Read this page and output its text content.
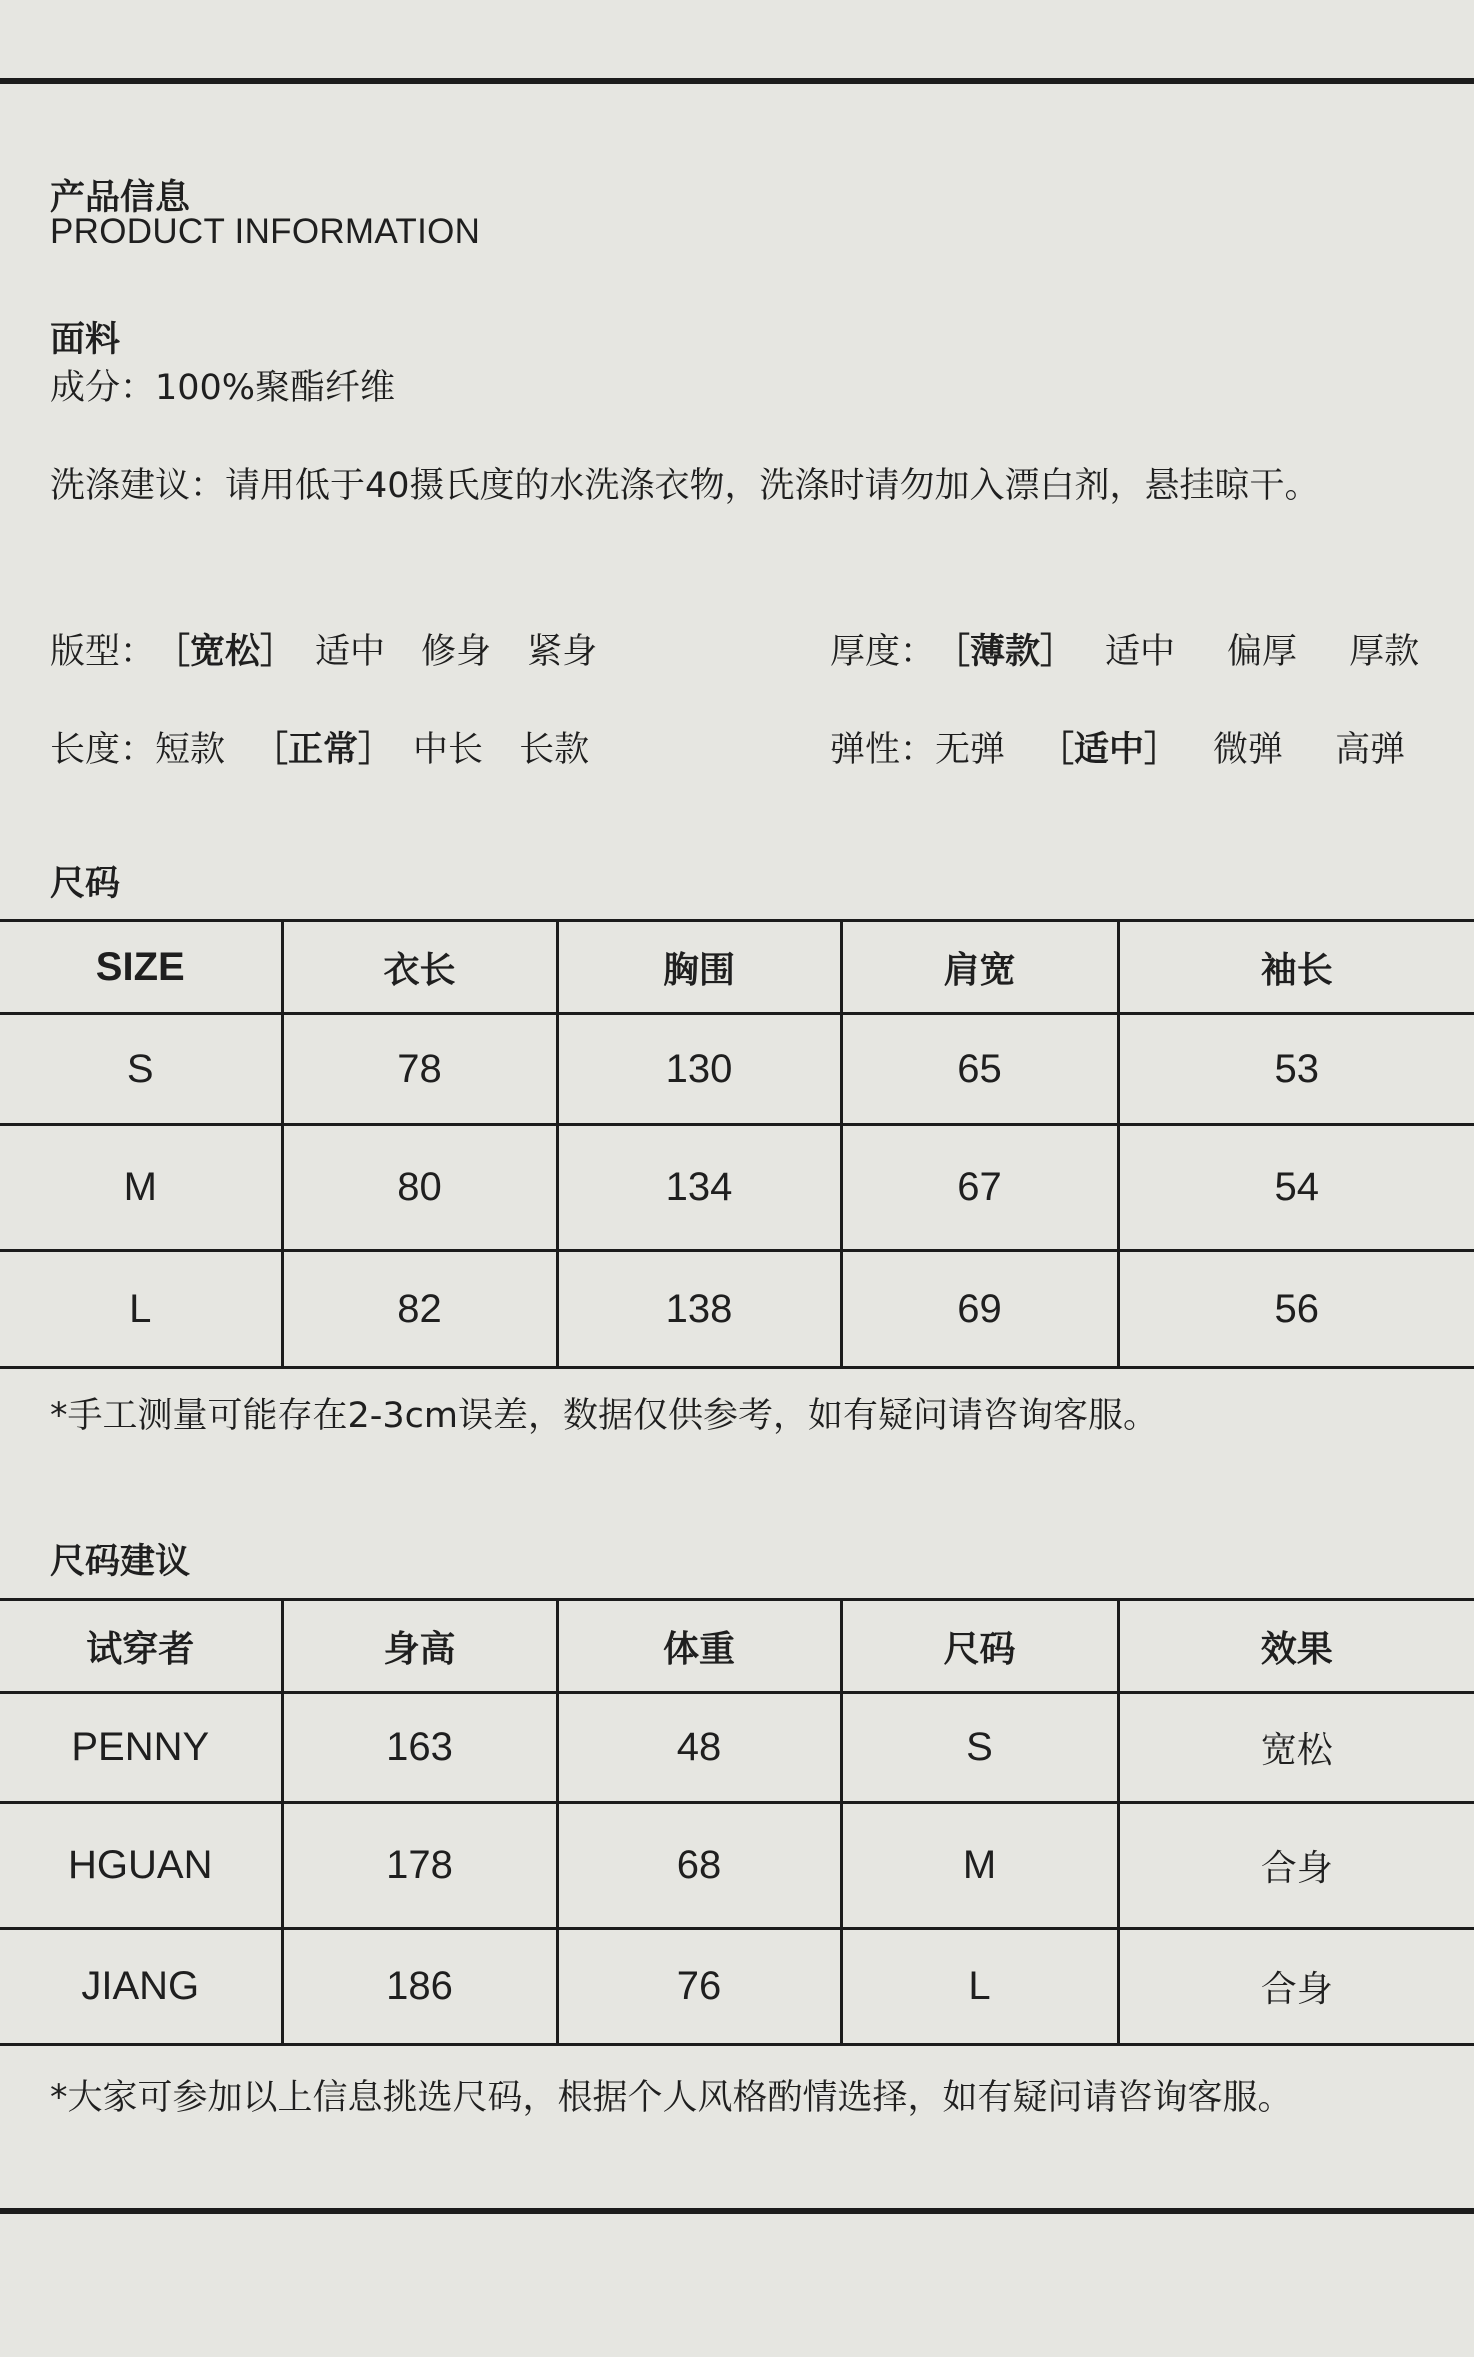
产品信息
PRODUCT INFORMATION
面料
成分：100%聚酯纤维
洗涤建议：请用低于40摄氏度的水洗涤衣物，洗涤时请勿加入漂白剂，悬挂晾干。
版型： ［宽松］ 适中 修身 紧身	厚度： ［薄款］ 适中 偏厚 厚款
长度： 短款 ［正常］ 中长 长款	弹性： 无弹 ［适中］ 微弹 高弹
尺码
SIZE	衣长	胸围	肩宽	袖长
S	78	130	65	53
M	80	134	67	54
L	82	138	69	56
*手工测量可能存在2-3cm误差，数据仅供参考，如有疑问请咨询客服。
尺码建议
试穿者	身高	体重	尺码	效果
PENNY	163	48	S	宽松
HGUAN	178	68	M	合身
JIANG	186	76	L	合身
*大家可参加以上信息挑选尺码，根据个人风格酌情选择，如有疑问请咨询客服。
